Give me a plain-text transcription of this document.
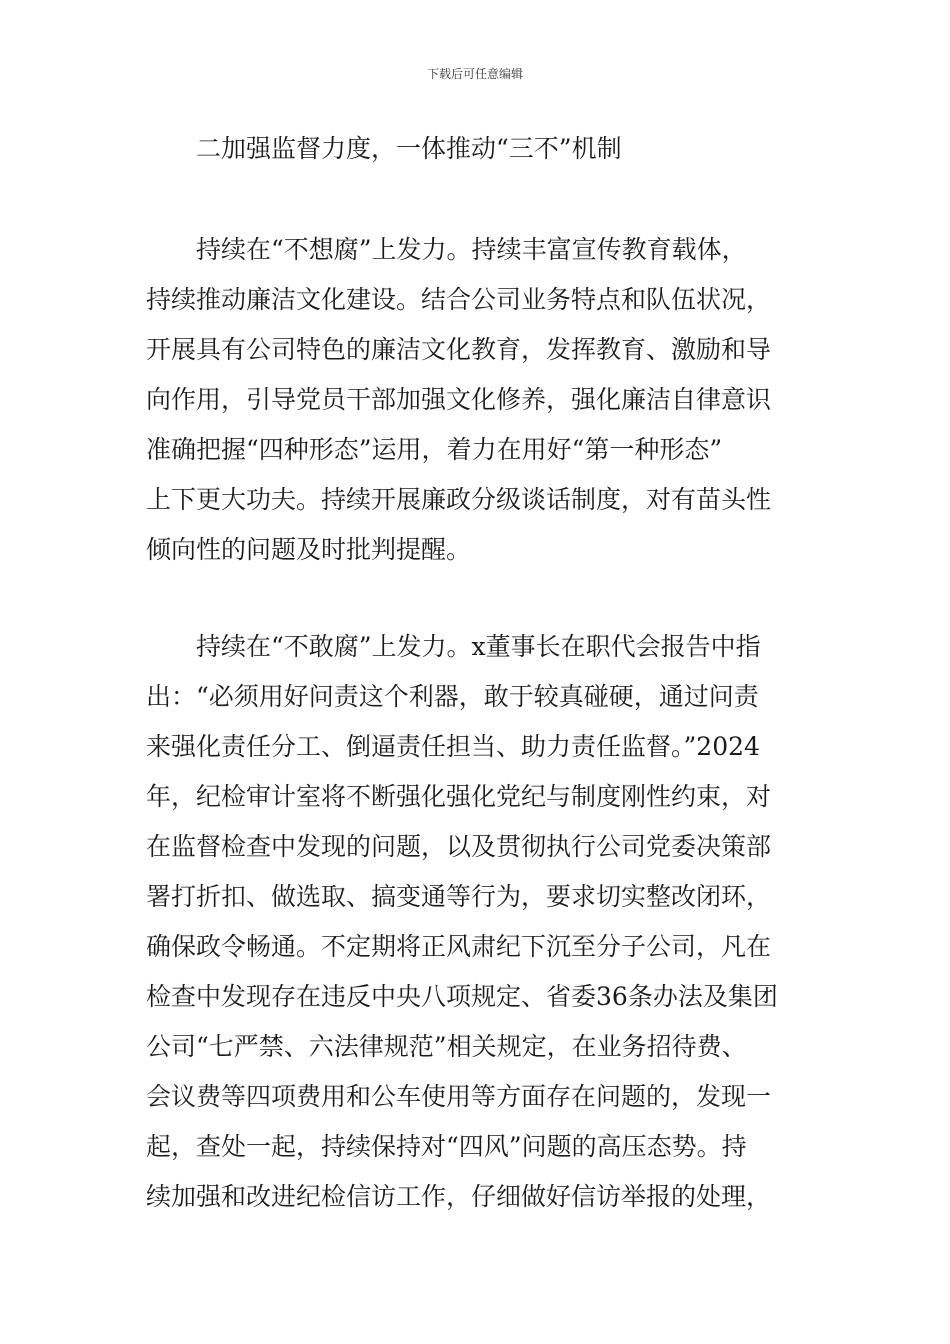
下载后可任意编辑
二加强监督力度，一体推动“三不”机制
持续在“不想腐”上发力。持续丰富宣传教育载体，
持续推动廉洁文化建设。结合公司业务特点和队伍状况，
开展具有公司特色的廉洁文化教育，发挥教育、激励和导
向作用，引导党员干部加强文化修养，强化廉洁自律意识
准确把握“四种形态”运用，着力在用好“第一种形态”
上下更大功夫。持续开展廉政分级谈话制度，对有苗头性
倾向性的问题及时批判提醒。
持续在“不敢腐”上发力。x董事长在职代会报告中指
出：“必须用好问责这个利器，敢于较真碰硬，通过问责
来强化责任分工、倒逼责任担当、助力责任监督。”2024
年，纪检审计室将不断强化强化党纪与制度刚性约束，对
在监督检查中发现的问题，以及贯彻执行公司党委决策部
署打折扣、做选取、搞变通等行为，要求切实整改闭环，
确保政令畅通。不定期将正风肃纪下沉至分子公司，凡在
检查中发现存在违反中央八项规定、省委36条办法及集团
公司“七严禁、六法律规范”相关规定，在业务招待费、
会议费等四项费用和公车使用等方面存在问题的，发现一
起，查处一起，持续保持对“四风”问题的高压态势。持
续加强和改进纪检信访工作，仔细做好信访举报的处理，
